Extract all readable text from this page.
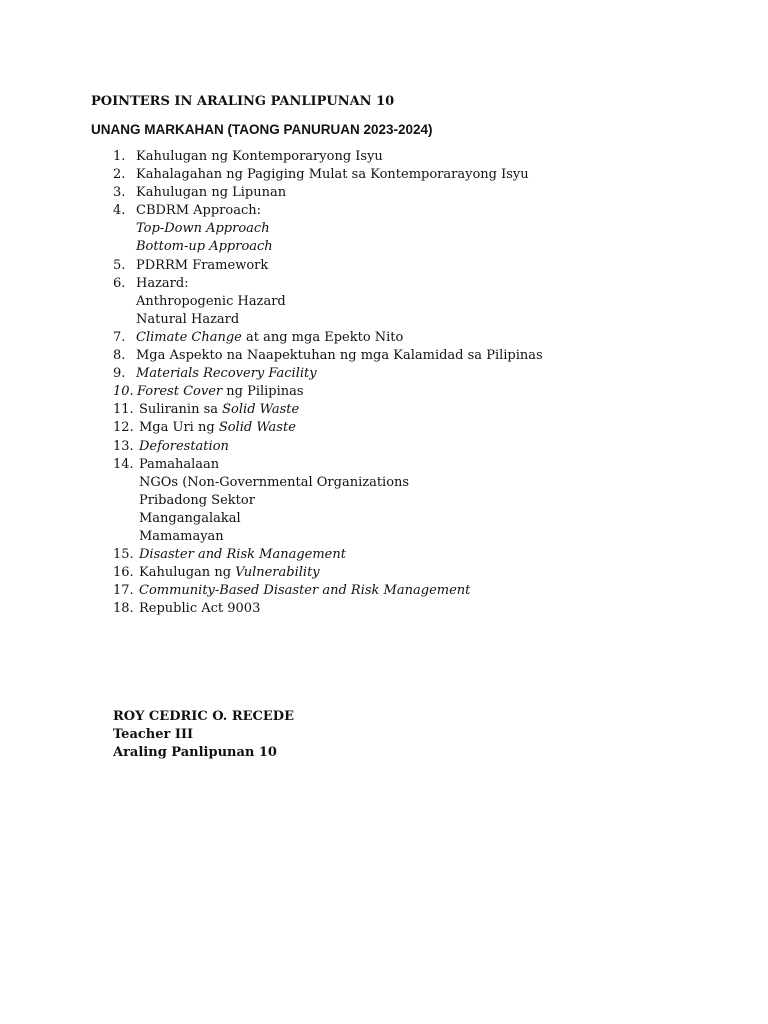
POINTERS IN ARALING PANLIPUNAN 10
UNANG MARKAHAN (TAONG PANURUAN 2023-2024)
1. Kahulugan ng Kontemporaryong Isyu
2. Kahalagahan ng Pagiging Mulat sa Kontemporarayong Isyu
3. Kahulugan ng Lipunan
4. CBDRM Approach:
Top-Down Approach
Bottom-up Approach
5. PDRRM Framework
6. Hazard:
Anthropogenic Hazard
Natural Hazard
7. Climate Change at ang mga Epekto Nito
8. Mga Aspekto na Naapektuhan ng mga Kalamidad sa Pilipinas
9. Materials Recovery Facility
10. Forest Cover ng Pilipinas
11. Suliranin sa Solid Waste
12. Mga Uri ng Solid Waste
13. Deforestation
14. Pamahalaan
NGOs (Non-Governmental Organizations
Pribadong Sektor
Mangangalakal
Mamamayan
15. Disaster and Risk Management
16. Kahulugan ng Vulnerability
17. Community-Based Disaster and Risk Management
18. Republic Act 9003
ROY CEDRIC O. RECEDE
Teacher III
Araling Panlipunan 10
